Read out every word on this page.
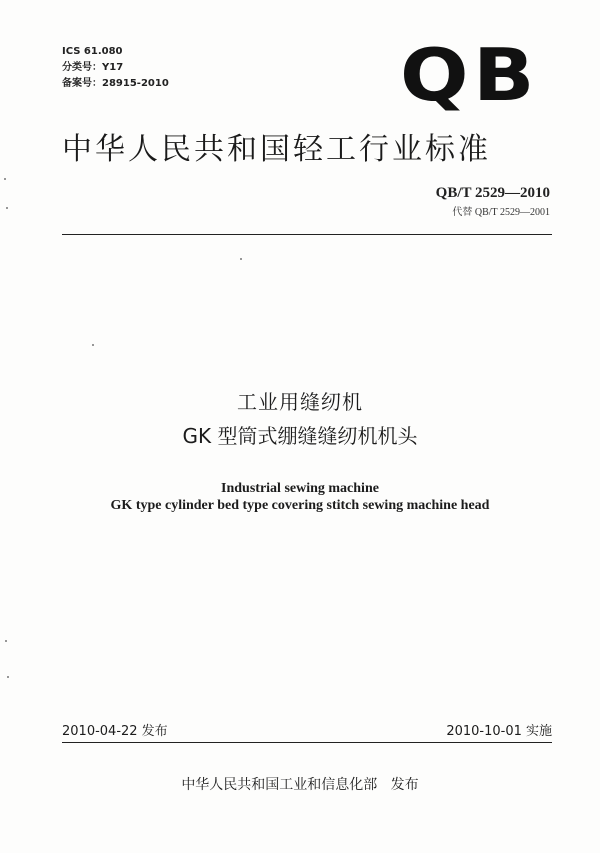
ICS 61.080
分类号：Y17
备案号：28915-2010	QB
中华人民共和国轻工行业标准
QB/T 2529—2010
代替 QB/T 2529—2001
工业用缝纫机
GK 型筒式绷缝缝纫机机头
Industrial sewing machine
GK type cylinder bed type covering stitch sewing machine head
2010-04-22 发布	2010-10-01 实施
中华人民共和国工业和信息化部   发布
